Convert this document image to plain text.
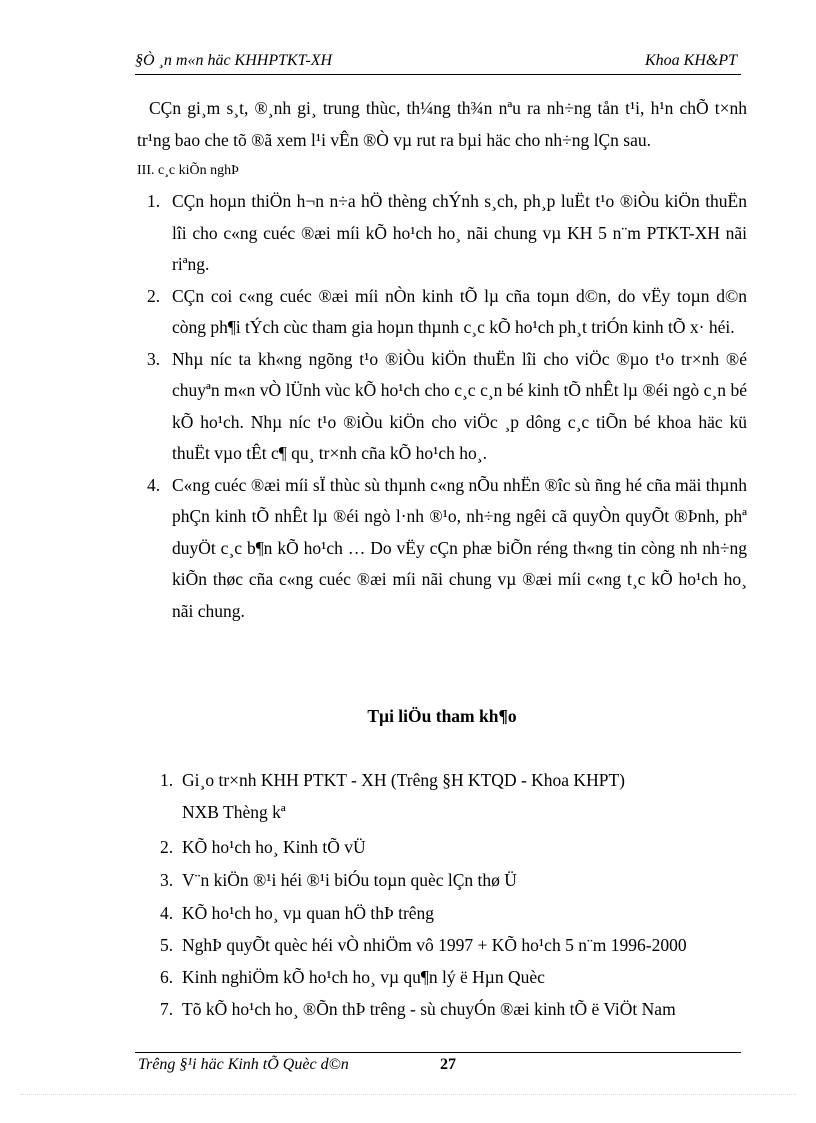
§Ò ¸n m«n häc KHHPTKT-XH	Khoa KH&PT

CÇn gi¸m s¸t, ®¸nh gi¸ trung thùc, th¼ng th¾n nªu ra nh÷ng tån t¹i, h¹n chÕ t×nh tr¹ng bao che tõ ®ã xem l¹i vÊn ®Ò vµ rut ra bµi häc cho nh÷ng lÇn sau.

III. c¸c kiÕn nghÞ

1. CÇn hoµn thiÖn h¬n n÷a hÖ thèng chÝnh s¸ch, ph¸p luËt t¹o ®iÒu kiÖn thuËn lîi cho c«ng cuéc ®æi míi kÕ ho¹ch ho¸ nãi chung vµ KH 5 n¨m PTKT-XH nãi riªng.
2. CÇn coi c«ng cuéc ®æi míi nÒn kinh tÕ lµ cña toµn d©n, do vËy toµn d©n còng ph¶i tÝch cùc tham gia hoµn thµnh c¸c kÕ ho¹ch ph¸t triÓn kinh tÕ x· héi.
3. Nhµ níc ta kh«ng ngõng t¹o ®iÒu kiÖn thuËn lîi cho viÖc ®µo t¹o tr×nh ®é chuyªn m«n vÒ lÜnh vùc kÕ ho¹ch cho c¸c c¸n bé kinh tÕ nhÊt lµ ®éi ngò c¸n bé kÕ ho¹ch. Nhµ níc t¹o ®iÒu kiÖn cho viÖc ¸p dông c¸c tiÕn bé khoa häc kü thuËt vµo tÊt c¶ qu¸ tr×nh cña kÕ ho¹ch ho¸.
4. C«ng cuéc ®æi míi sÏ thùc sù thµnh c«ng nÕu nhËn ®îc sù ñng hé cña mäi thµnh phÇn kinh tÕ nhÊt lµ ®éi ngò l·nh ®¹o, nh÷ng ngêi cã quyÒn quyÕt ®Þnh, phª duyÖt c¸c b¶n kÕ ho¹ch … Do vËy cÇn phæ biÕn réng th«ng tin còng nh nh÷ng kiÕn thøc cña c«ng cuéc ®æi míi nãi chung vµ ®æi míi c«ng t¸c kÕ ho¹ch ho¸ nãi chung.
Tµi liÖu tham kh¶o
1. Gi¸o tr×nh KHH PTKT - XH (Trêng §H KTQD - Khoa KHPT)
NXB Thèng kª
2. KÕ ho¹ch ho¸ Kinh tÕ vÜ
3. V¨n kiÖn ®¹i héi ®¹i biÓu toµn quèc lÇn thø Ü
4. KÕ ho¹ch ho¸ vµ quan hÖ thÞ trêng
5. NghÞ quyÕt quèc héi vÒ nhiÖm vô 1997 + KÕ ho¹ch 5 n¨m 1996-2000
6. Kinh nghiÖm kÕ ho¹ch ho¸ vµ qu¶n lý ë Hµn Quèc
7. Tõ kÕ ho¹ch ho¸ ®Õn thÞ trêng - sù chuyÓn ®æi kinh tÕ ë ViÖt Nam
Trêng §¹i häc Kinh tÕ Quèc d©n	27
